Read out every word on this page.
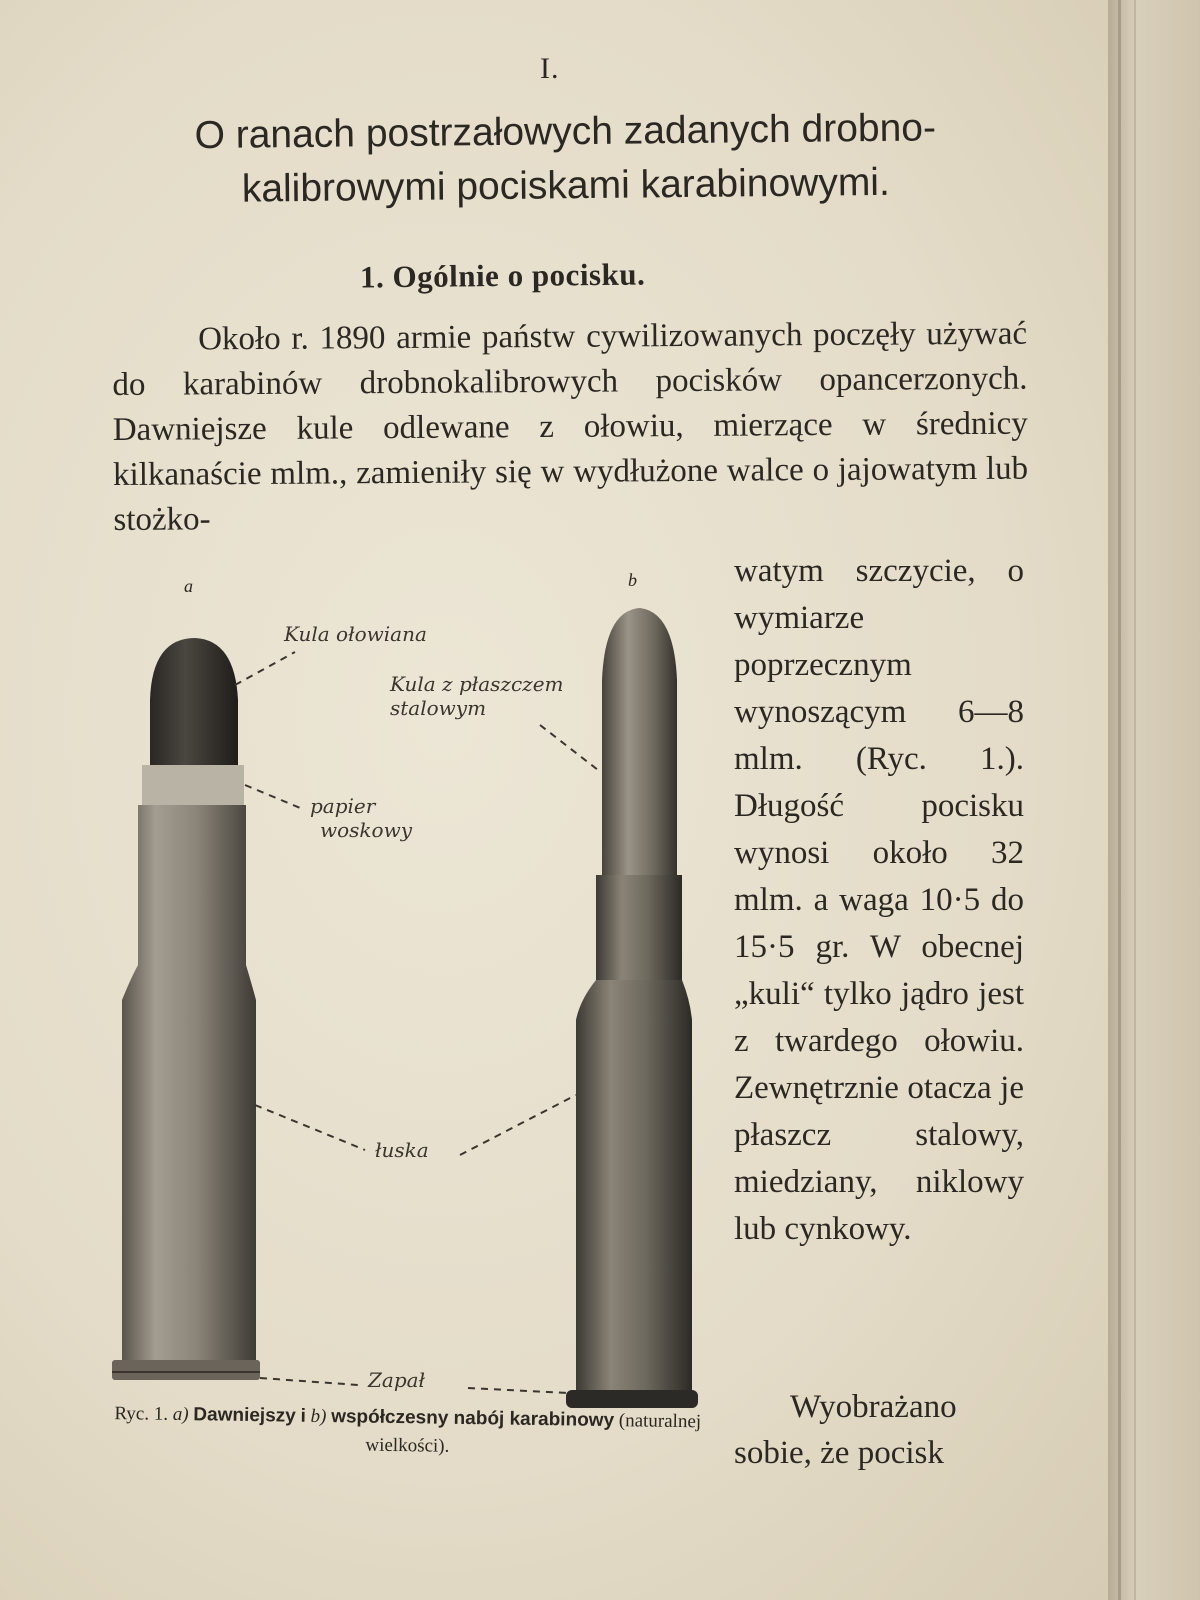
I.
O ranach postrzałowych zadanych drobno-
kalibrowymi pociskami karabinowymi.
1. Ogólnie o pocisku.
Około r. 1890 armie państw cywilizowanych poczęły używać do karabinów drobnokalibrowych pocisków opancerzonych. Dawniejsze kule odlewane z ołowiu, mierzące w średnicy kilkanaście mlm., zamieniły się w wydłużone walce o jajowatym lub stożko-
watym szczycie, o wymiarze poprzecznym wynoszącym 6—8 mlm. (Ryc. 1.). Długość pocisku wynosi około 32 mlm. a waga 10·5 do 15·5 gr. W obecnej „kuli“ tylko jądro jest z twardego ołowiu. Zewnętrznie otacza je płaszcz stalowy, miedziany, niklowy lub cynkowy.
Wyobrażano sobie, że pocisk
a	b
Kula ołowiana
Kula z płaszczem
stalowym
papier
woskowy
łuska
Zapał
Ryc. 1. a) Dawniejszy i b) współczesny nabój karabinowy (naturalnej wielkości).
